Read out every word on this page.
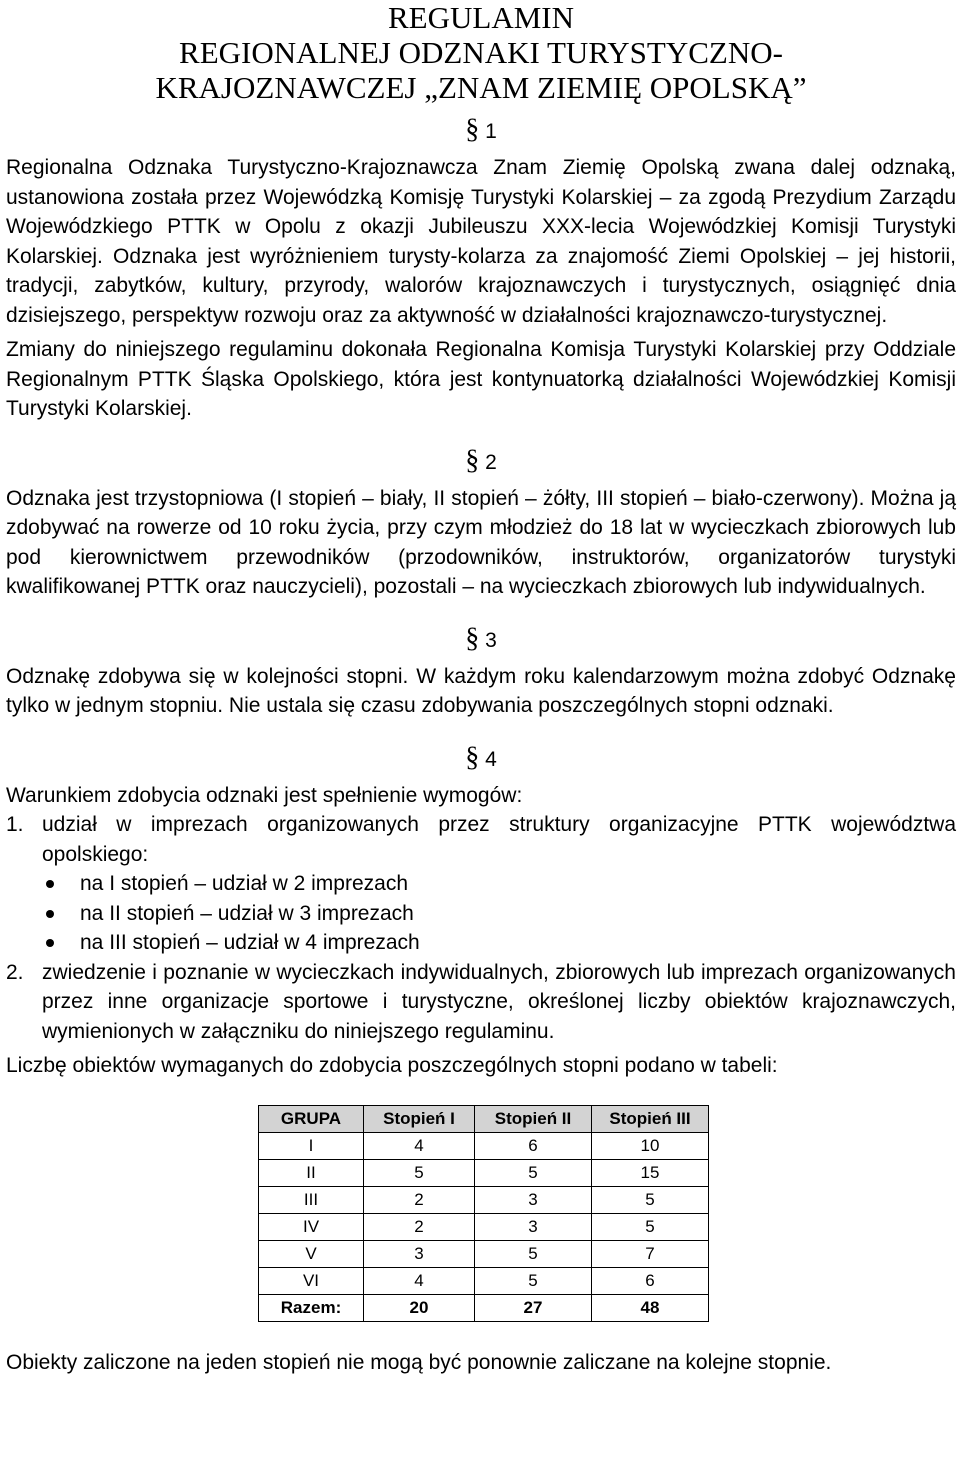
REGULAMIN
REGIONALNEJ ODZNAKI TURYSTYCZNO-
KRAJOZNAWCZEJ „ZNAM ZIEMIĘ OPOLSKĄ”
§ 1

Regionalna Odznaka Turystyczno-Krajoznawcza Znam Ziemię Opolską zwana dalej odznaką, ustanowiona została przez Wojewódzką Komisję Turystyki Kolarskiej – za zgodą Prezydium Zarządu Wojewódzkiego PTTK w Opolu z okazji Jubileuszu XXX-lecia Wojewódzkiej Komisji Turystyki Kolarskiej. Odznaka jest wyróżnieniem turysty-kolarza za znajomość Ziemi Opolskiej – jej historii, tradycji, zabytków, kultury, przyrody, walorów krajoznawczych i turystycznych, osiągnięć dnia dzisiejszego, perspektyw rozwoju oraz za aktywność w działalności krajoznawczo-turystycznej.

Zmiany do niniejszego regulaminu dokonała Regionalna Komisja Turystyki Kolarskiej przy Oddziale Regionalnym PTTK Śląska Opolskiego, która jest kontynuatorką działalności Wojewódzkiej Komisji Turystyki Kolarskiej.

§ 2

Odznaka jest trzystopniowa (I stopień – biały, II stopień – żółty, III stopień – biało-czerwony). Można ją zdobywać na rowerze od 10 roku życia, przy czym młodzież do 18 lat w wycieczkach zbiorowych lub pod kierownictwem przewodników (przodowników, instruktorów, organizatorów turystyki kwalifikowanej PTTK oraz nauczycieli), pozostali – na wycieczkach zbiorowych lub indywidualnych.

§ 3

Odznakę zdobywa się w kolejności stopni. W każdym roku kalendarzowym można zdobyć Odznakę tylko w jednym stopniu. Nie ustala się czasu zdobywania poszczególnych stopni odznaki.

§ 4

Warunkiem zdobycia odznaki jest spełnienie wymogów:

1. udział w imprezach organizowanych przez struktury organizacyjne PTTK województwa opolskiego:
na I stopień – udział w 2 imprezach
na II stopień – udział w 3 imprezach
na III stopień – udział w 4 imprezach
2. zwiedzenie i poznanie w wycieczkach indywidualnych, zbiorowych lub imprezach organizowanych przez inne organizacje sportowe i turystyczne, określonej liczby obiektów krajoznawczych, wymienionych w załączniku do niniejszego regulaminu.

Liczbę obiektów wymaganych do zdobycia poszczególnych stopni podano w tabeli:

GRUPA	Stopień I	Stopień II	Stopień III
I	4	6	10
II	5	5	15
III	2	3	5
IV	2	3	5
V	3	5	7
VI	4	5	6
Razem:	20	27	48

Obiekty zaliczone na jeden stopień nie mogą być ponownie zaliczane na kolejne stopnie.
